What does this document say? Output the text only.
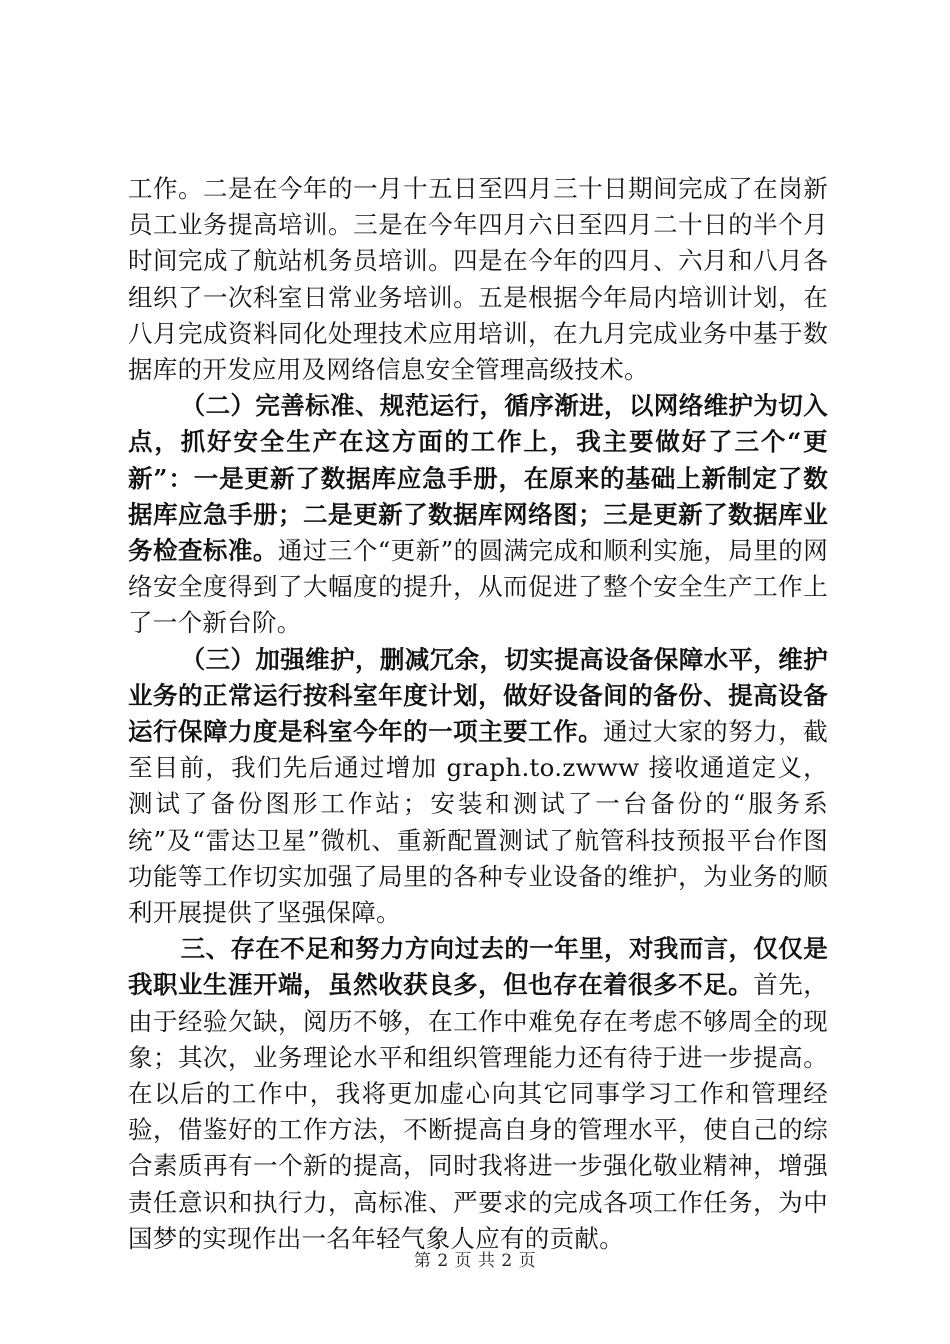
工作。二是在今年的一月十五日至四月三十日期间完成了在岗新员工业务提高培训。三是在今年四月六日至四月二十日的半个月时间完成了航站机务员培训。四是在今年的四月、六月和八月各组织了一次科室日常业务培训。五是根据今年局内培训计划，在八月完成资料同化处理技术应用培训，在九月完成业务中基于数据库的开发应用及网络信息安全管理高级技术。

（二）完善标准、规范运行，循序渐进，以网络维护为切入点，抓好安全生产在这方面的工作上，我主要做好了三个“更新”：一是更新了数据库应急手册，在原来的基础上新制定了数据库应急手册；二是更新了数据库网络图；三是更新了数据库业务检查标准。通过三个“更新”的圆满完成和顺利实施，局里的网络安全度得到了大幅度的提升，从而促进了整个安全生产工作上了一个新台阶。

（三）加强维护，删减冗余，切实提高设备保障水平，维护业务的正常运行按科室年度计划，做好设备间的备份、提高设备运行保障力度是科室今年的一项主要工作。通过大家的努力，截至目前，我们先后通过增加 graph.to.zwww 接收通道定义，测试了备份图形工作站；安装和测试了一台备份的“服务系统”及“雷达卫星”微机、重新配置测试了航管科技预报平台作图功能等工作切实加强了局里的各种专业设备的维护，为业务的顺利开展提供了坚强保障。

三、存在不足和努力方向过去的一年里，对我而言，仅仅是我职业生涯开端，虽然收获良多，但也存在着很多不足。首先，由于经验欠缺，阅历不够，在工作中难免存在考虑不够周全的现象；其次，业务理论水平和组织管理能力还有待于进一步提高。在以后的工作中，我将更加虚心向其它同事学习工作和管理经验，借鉴好的工作方法，不断提高自身的管理水平，使自己的综合素质再有一个新的提高，同时我将进一步强化敬业精神，增强责任意识和执行力，高标准、严要求的完成各项工作任务，为中国梦的实现作出一名年轻气象人应有的贡献。

第 2 页 共 2 页
